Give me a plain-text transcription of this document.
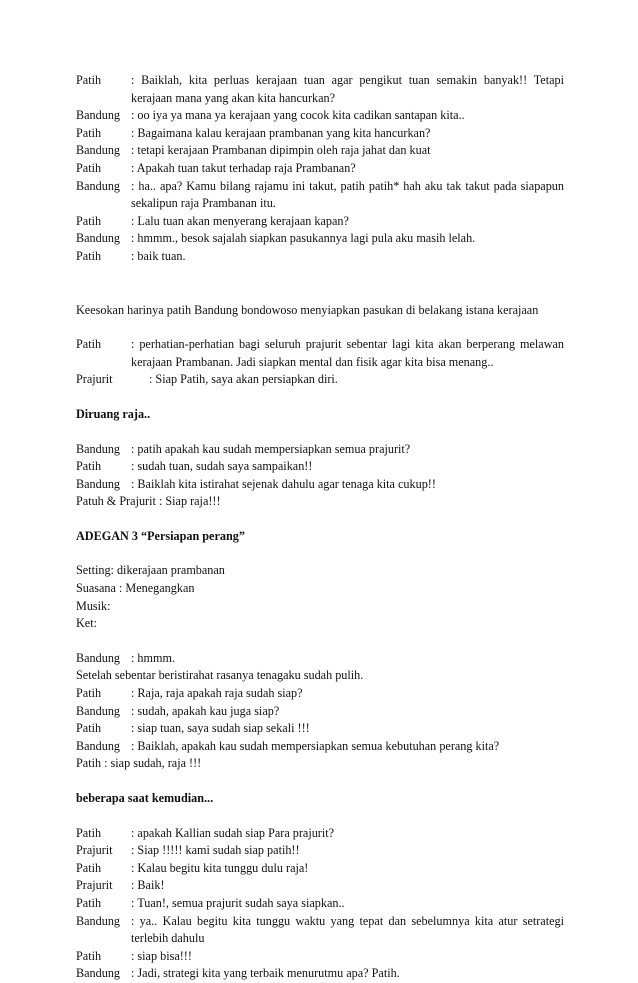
Patih	: Baiklah, kita perluas kerajaan tuan agar pengikut tuan semakin banyak!! Tetapi kerajaan mana yang akan kita hancurkan?
Bandung : oo iya ya mana ya kerajaan yang cocok kita cadikan santapan kita..
Patih	: Bagaimana kalau kerajaan prambanan yang kita hancurkan?
Bandung : tetapi kerajaan Prambanan dipimpin oleh raja jahat dan kuat
Patih	: Apakah tuan takut terhadap raja Prambanan?
Bandung : ha.. apa? Kamu bilang rajamu ini takut, patih patih* hah aku tak takut pada siapapun sekalipun raja Prambanan itu.
Patih	: Lalu tuan akan menyerang kerajaan kapan?
Bandung : hmmm., besok sajalah siapkan pasukannya lagi pula aku masih lelah.
Patih	: baik tuan.
Keesokan harinya patih Bandung bondowoso menyiapkan pasukan di belakang istana kerajaan
Patih	: perhatian-perhatian bagi seluruh prajurit sebentar lagi kita akan berperang melawan kerajaan Prambanan. Jadi siapkan mental dan fisik agar kita bisa menang..
Prajurit	: Siap Patih, saya akan persiapkan diri.
Diruang raja..
Bandung : patih apakah kau sudah mempersiapkan semua prajurit?
Patih	: sudah tuan, sudah saya sampaikan!!
Bandung : Baiklah kita istirahat sejenak dahulu agar tenaga kita cukup!!
Patuh & Prajurit : Siap raja!!!
ADEGAN 3 “Persiapan perang”
Setting: dikerajaan prambanan
Suasana : Menegangkan
Musik:
Ket:
Bandung : hmmm.
Setelah sebentar beristirahat rasanya tenagaku sudah pulih.
Patih	: Raja, raja apakah raja sudah siap?
Bandung : sudah, apakah kau juga siap?
Patih	: siap tuan, saya sudah siap sekali !!!
Bandung : Baiklah, apakah kau sudah mempersiapkan semua kebutuhan perang kita?
Patih : siap sudah, raja !!!
beberapa saat kemudian...
Patih	: apakah Kallian sudah siap Para prajurit?
Prajurit	: Siap !!!!! kami sudah siap patih!!
Patih	: Kalau begitu kita tunggu dulu raja!
Prajurit	: Baik!
Patih	: Tuan!, semua prajurit sudah saya siapkan..
Bandung : ya.. Kalau begitu kita tunggu waktu yang tepat dan sebelumnya kita atur setrategi terlebih dahulu
Patih	: siap bisa!!!
Bandung : Jadi, strategi kita yang terbaik menurutmu apa? Patih.
